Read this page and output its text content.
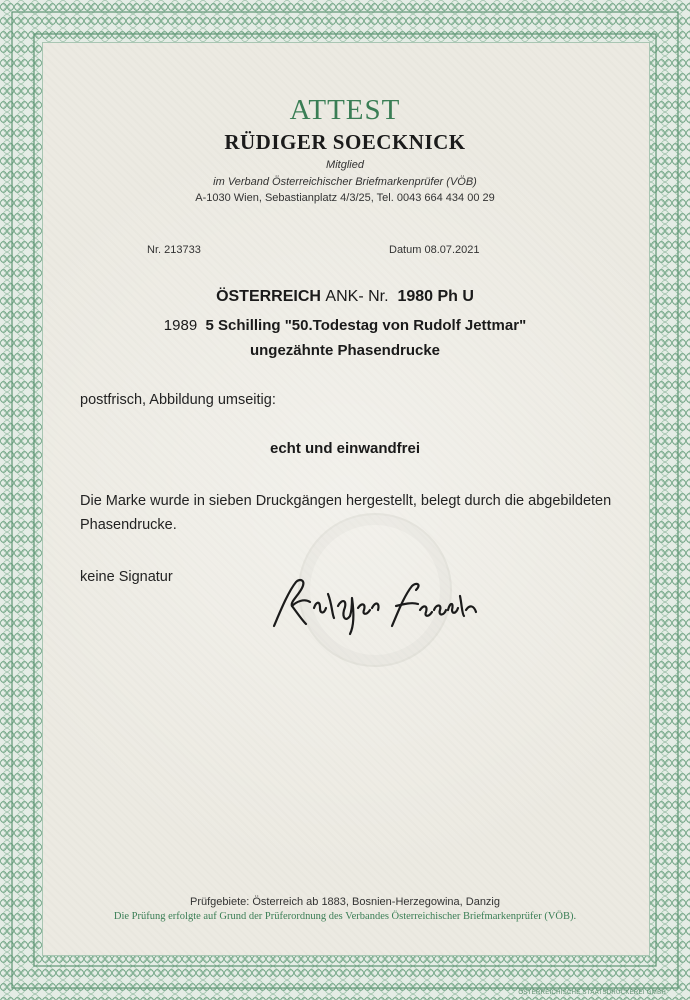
ATTEST
RÜDIGER SOECKNICK
Mitglied
im Verband Österreichischer Briefmarkenprüfer (VÖB)
A-1030 Wien, Sebastianplatz 4/3/25, Tel. 0043 664 434 00 29
Nr. 213733	Datum 08.07.2021
ÖSTERREICH ANK- Nr. 1980 Ph U
1989 5 Schilling "50.Todestag von Rudolf Jettmar"
ungezähnte Phasendrucke
postfrisch, Abbildung umseitig:
echt und einwandfrei
Die Marke wurde in sieben Druckgängen hergestellt, belegt durch die abgebildeten Phasendrucke.
keine Signatur
Prüfgebiete: Österreich ab 1883, Bosnien-Herzegowina, Danzig
Die Prüfung erfolgte auf Grund der Prüferordnung des Verbandes Österreichischer Briefmarkenprüfer (VÖB).
ÖSTERREICHISCHE STAATSDRUCKEREI GMBH
